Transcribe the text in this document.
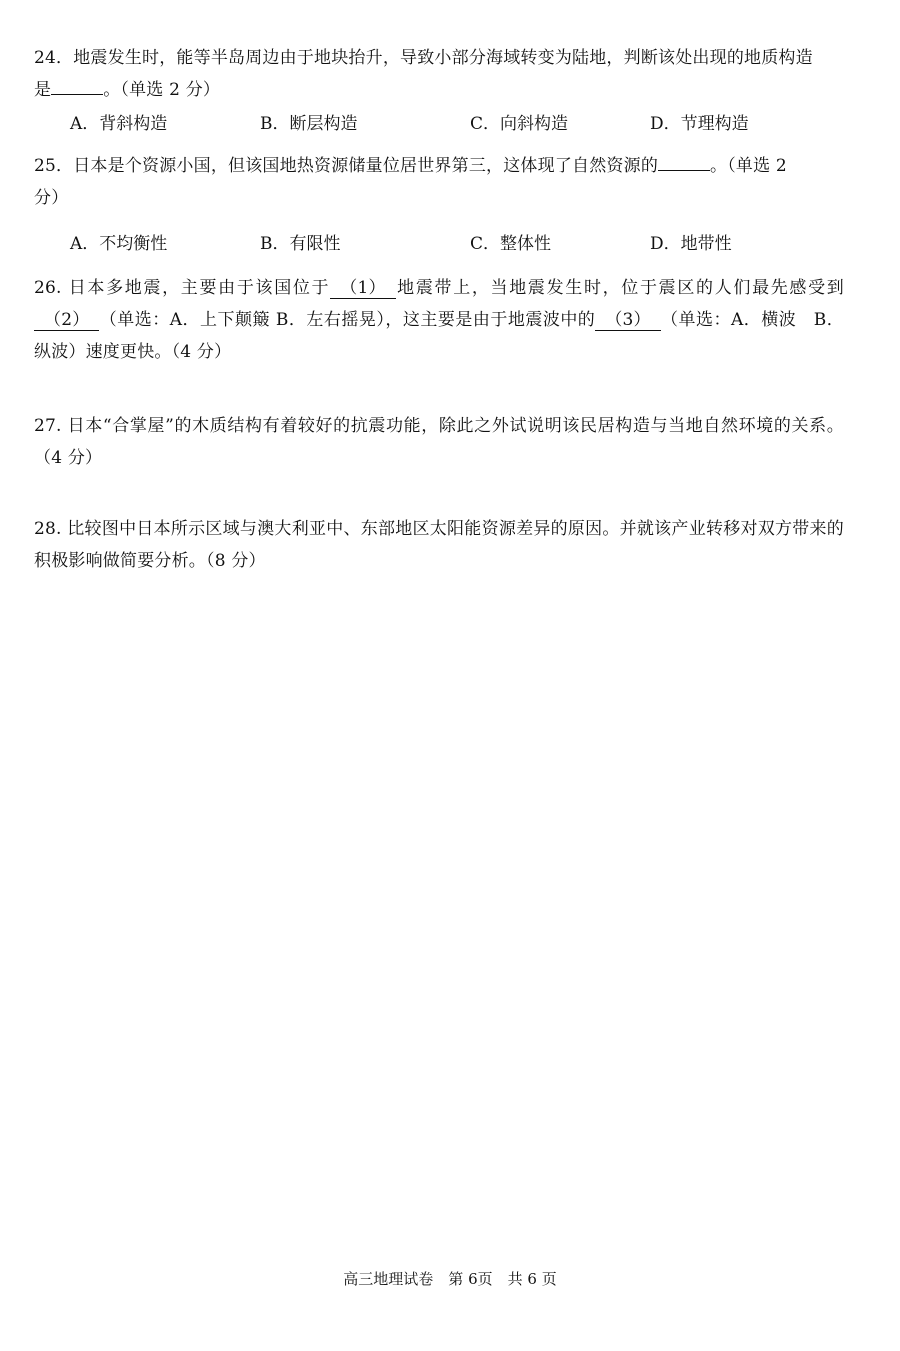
24．地震发生时，能等半岛周边由于地块抬升，导致小部分海域转变为陆地，判断该处出现的地质构造
是	。（单选 2 分）
A．背斜构造	B．断层构造	C．向斜构造	D．节理构造
25．日本是个资源小国，但该国地热资源储量位居世界第三，这体现了自然资源的	。（单选 2
分）
A．不均衡性	B．有限性	C．整体性	D．地带性
26. 日本多地震，主要由于该国位于 （1） 地震带上，当地震发生时，位于震区的人们最先感受到（2） （单选：A．上下颠簸 B．左右摇晃），这主要是由于地震波中的 （3） （单选：A．横波　B．纵波）速度更快。（4 分）
27. 日本“合掌屋”的木质结构有着较好的抗震功能，除此之外试说明该民居构造与当地自然环境的关系。（4 分）
28. 比较图中日本所示区域与澳大利亚中、东部地区太阳能资源差异的原因。并就该产业转移对双方带来的积极影响做简要分析。（8 分）
高三地理试卷　第 6页　共 6 页
